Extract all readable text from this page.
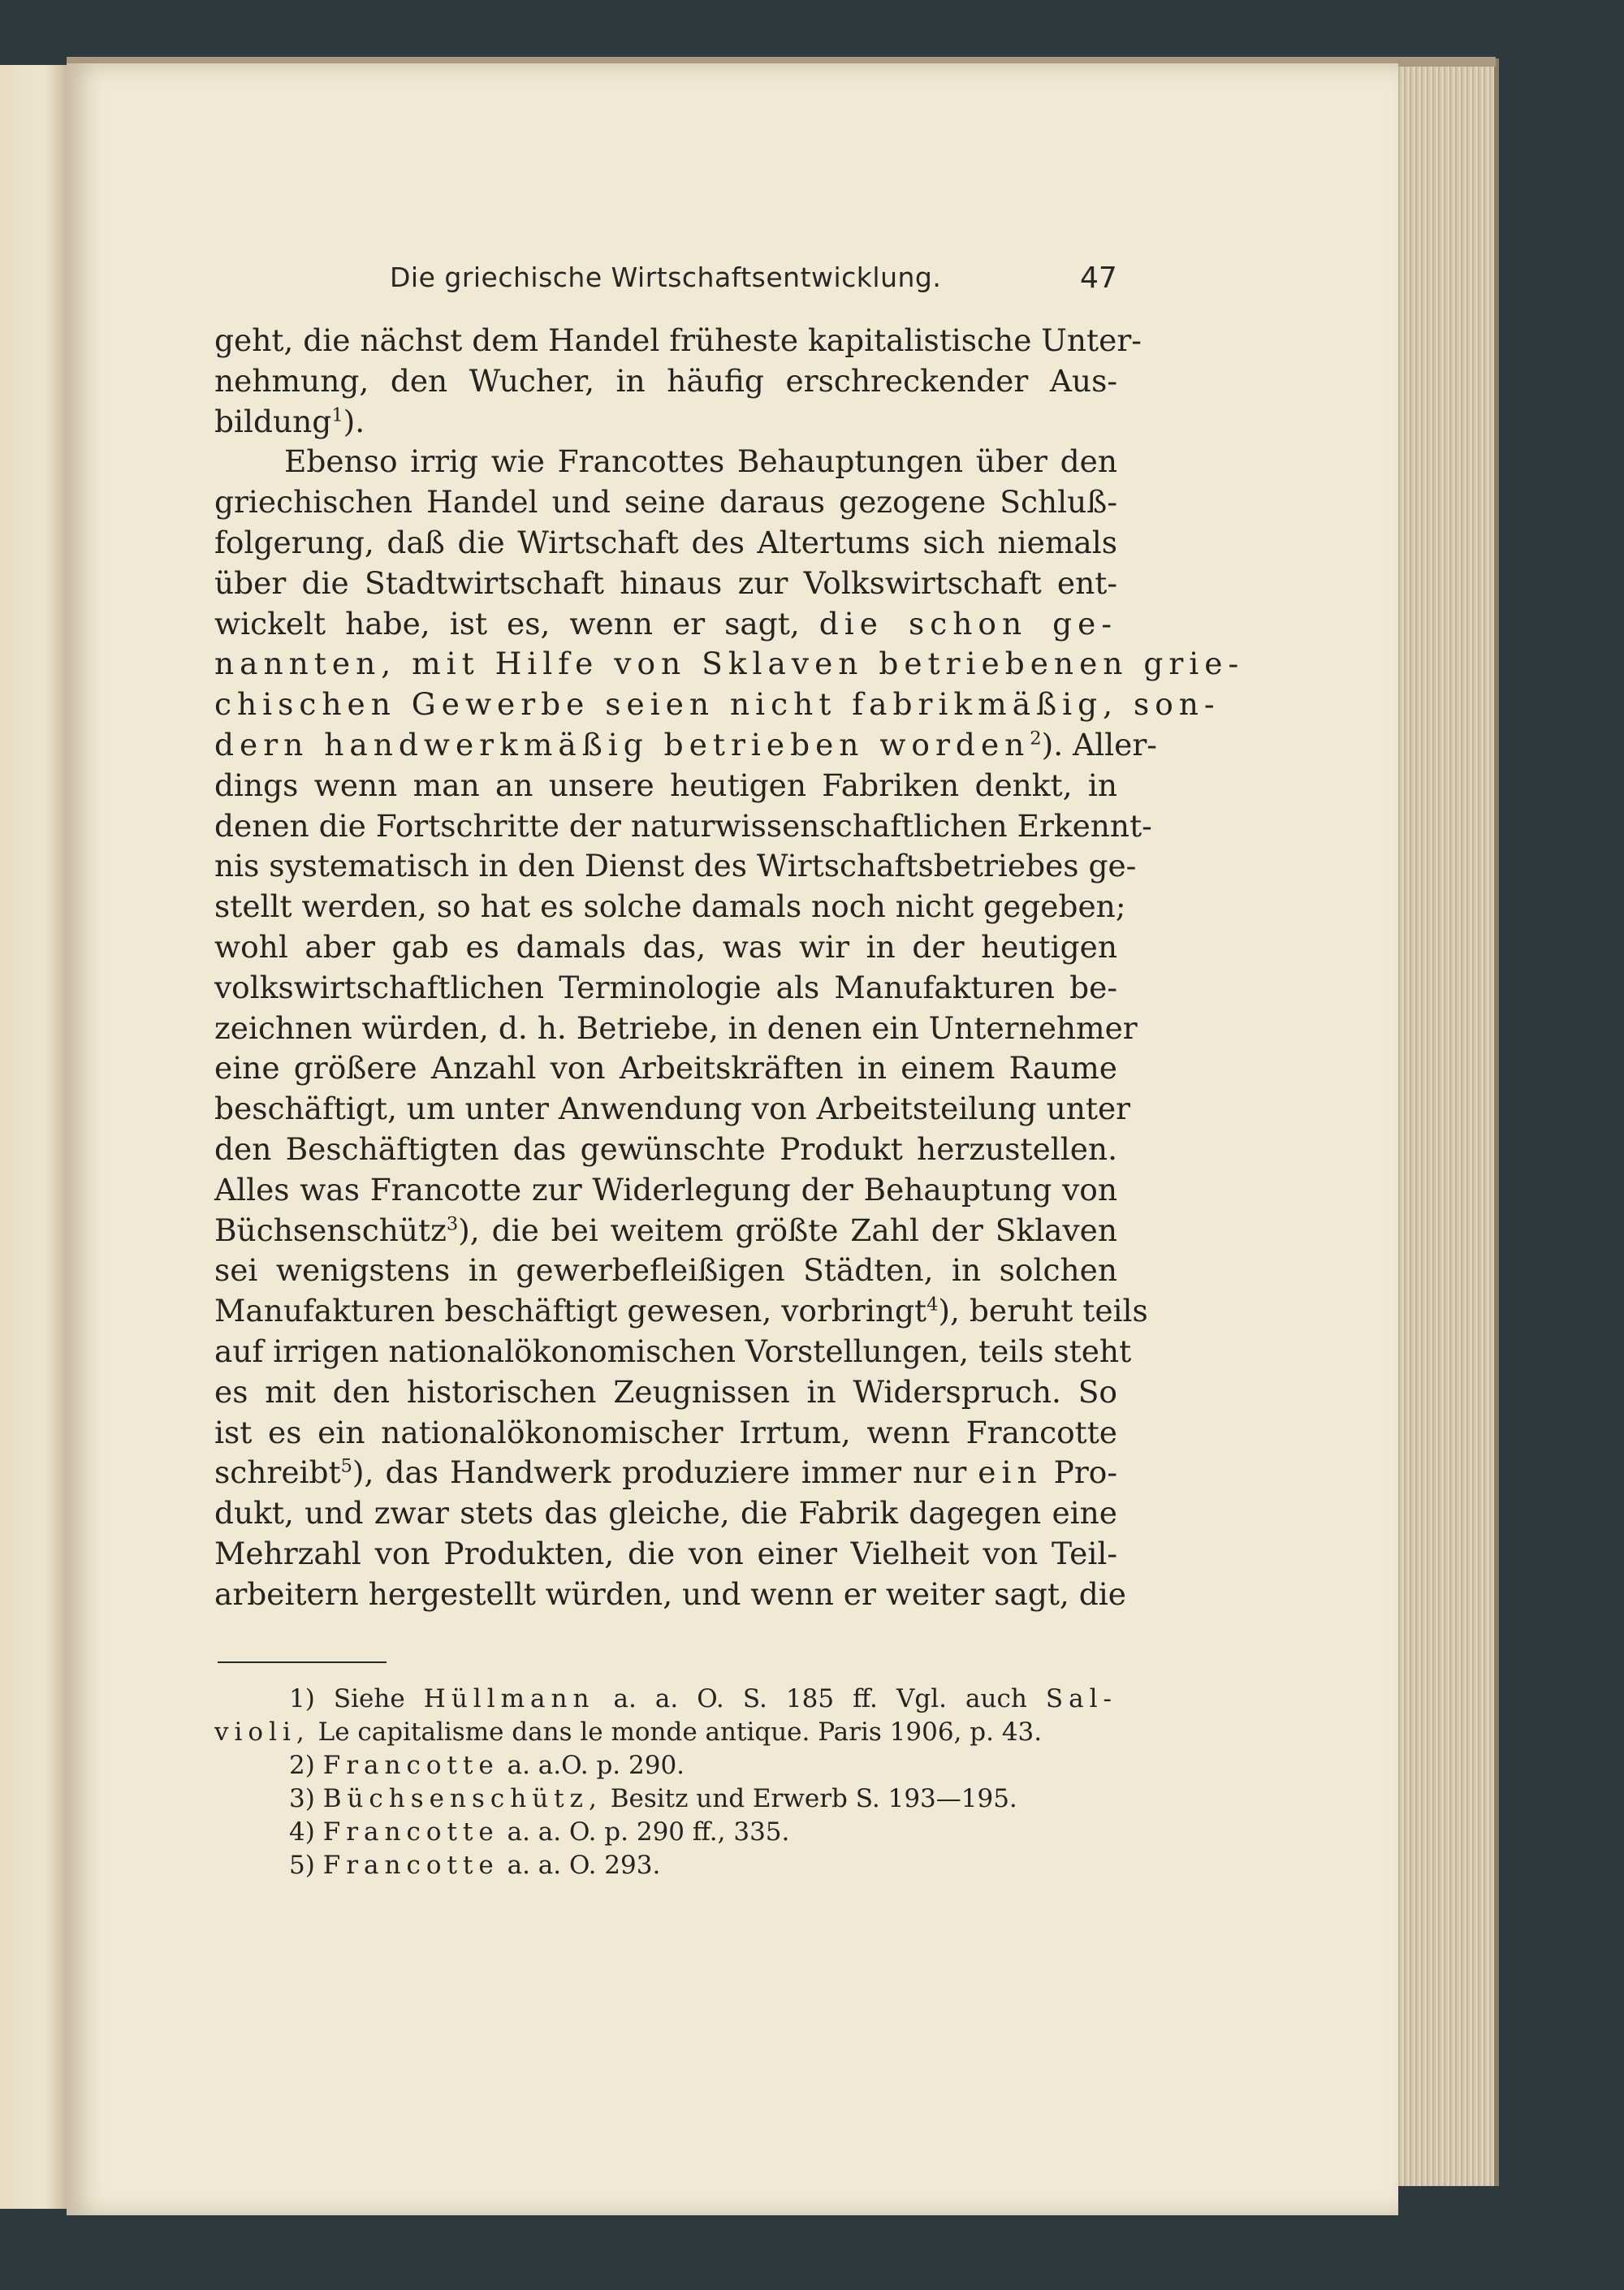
Die griechische Wirtschaftsentwicklung.	47
geht, die nächst dem Handel früheste kapitalistische Unter-
nehmung, den Wucher, in häufig erschreckender Aus-
bildung$^1$).
Ebenso irrig wie Francottes Behauptungen über den
griechischen Handel und seine daraus gezogene Schluß-
folgerung, daß die Wirtschaft des Altertums sich niemals
über die Stadtwirtschaft hinaus zur Volkswirtschaft ent-
wickelt habe, ist es, wenn er sagt, die schon ge-
nannten, mit Hilfe von Sklaven betriebenen grie-
chischen Gewerbe seien nicht fabrikmäßig, son-
dern handwerkmäßig betrieben worden$^2$). Aller-
dings wenn man an unsere heutigen Fabriken denkt, in
denen die Fortschritte der naturwissenschaftlichen Erkennt-
nis systematisch in den Dienst des Wirtschaftsbetriebes ge-
stellt werden, so hat es solche damals noch nicht gegeben;
wohl aber gab es damals das, was wir in der heutigen
volkswirtschaftlichen Terminologie als Manufakturen be-
zeichnen würden, d. h. Betriebe, in denen ein Unternehmer
eine größere Anzahl von Arbeitskräften in einem Raume
beschäftigt, um unter Anwendung von Arbeitsteilung unter
den Beschäftigten das gewünschte Produkt herzustellen.
Alles was Francotte zur Widerlegung der Behauptung von
Büchsenschütz$^3$), die bei weitem größte Zahl der Sklaven
sei wenigstens in gewerbefleißigen Städten, in solchen
Manufakturen beschäftigt gewesen, vorbringt$^4$), beruht teils
auf irrigen nationalökonomischen Vorstellungen, teils steht
es mit den historischen Zeugnissen in Widerspruch. So
ist es ein nationalökonomischer Irrtum, wenn Francotte
schreibt$^5$), das Handwerk produziere immer nur ein Pro-
dukt, und zwar stets das gleiche, die Fabrik dagegen eine
Mehrzahl von Produkten, die von einer Vielheit von Teil-
arbeitern hergestellt würden, und wenn er weiter sagt, die
1) Siehe Hüllmann a. a. O. S. 185 ff. Vgl. auch Sal-
violi, Le capitalisme dans le monde antique. Paris 1906, p. 43.
2) Francotte a. a.O. p. 290.
3) Büchsenschütz, Besitz und Erwerb S. 193—195.
4) Francotte a. a. O. p. 290 ff., 335.
5) Francotte a. a. O. 293.
